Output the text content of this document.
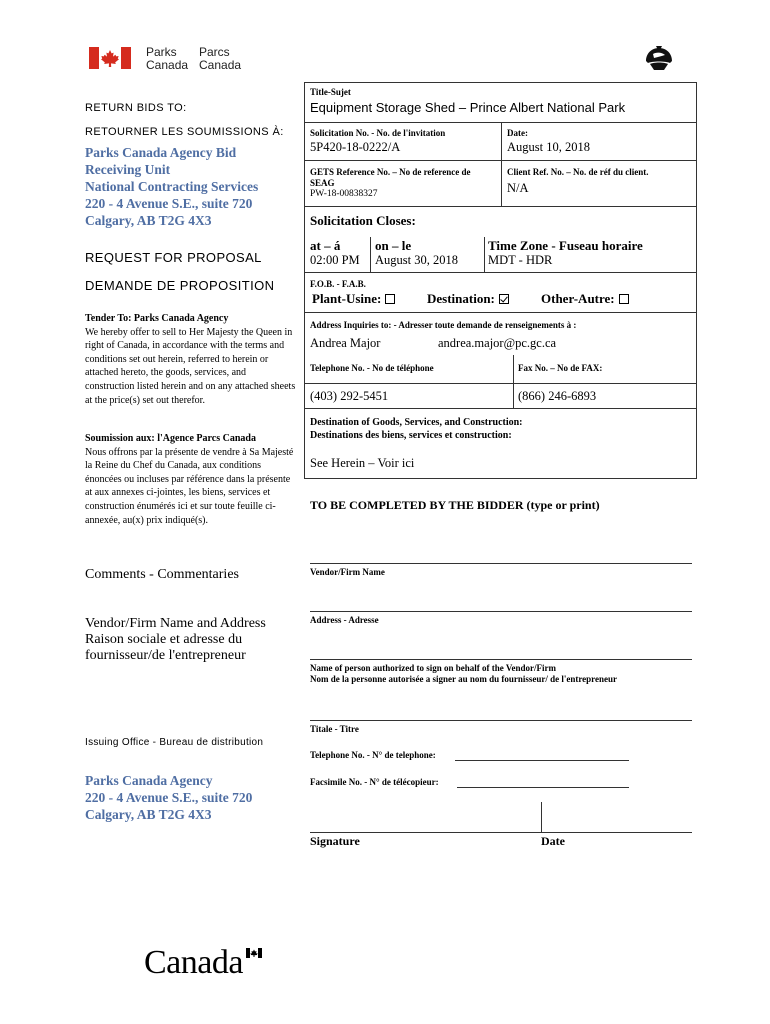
Parks
Canada
Parcs
Canada
RETURN BIDS TO:
RETOURNER LES SOUMISSIONS À:
Parks Canada Agency Bid
Receiving Unit
National Contracting Services
220 - 4 Avenue S.E., suite 720
Calgary, AB T2G 4X3
REQUEST FOR PROPOSAL
DEMANDE DE PROPOSITION
Tender To: Parks Canada Agency
We hereby offer to sell to Her Majesty the Queen in right of Canada, in accordance with the terms and conditions set out herein, referred to herein or attached hereto, the goods, services, and construction listed herein and on any attached sheets at the price(s) set out therefor.
Soumission aux: l'Agence Parcs Canada
Nous offrons par la présente de vendre à Sa Majesté la Reine du Chef du Canada, aux conditions énoncées ou incluses par référence dans la présente at aux annexes ci-jointes, les biens, services et construction énumérés ici et sur toute feuille ci-annexée, au(x) prix indiqué(s).
Comments - Commentaries
Vendor/Firm Name and Address
Raison sociale et adresse du
fournisseur/de l'entrepreneur
Issuing Office - Bureau de distribution
Parks Canada Agency
220 - 4 Avenue S.E., suite 720
Calgary, AB T2G 4X3
Title-Sujet
Equipment Storage Shed – Prince Albert National Park
Solicitation No. - No. de l'invitation
5P420-18-0222/A
Date:
August 10, 2018
GETS Reference No. – No de reference de SEAG
PW-18-00838327
Client Ref. No. – No. de réf du client.
N/A
Solicitation Closes:
at – á
02:00 PM
on – le
August 30, 2018
Time Zone - Fuseau horaire
MDT - HDR
F.O.B. - F.A.B.
Plant-Usine:	Destination:	Other-Autre:
Address Inquiries to: - Adresser toute demande de renseignements à :
Andrea Major	andrea.major@pc.gc.ca
Telephone No. - No de téléphone	Fax No. – No de FAX:
(403) 292-5451	(866) 246-6893
Destination of Goods, Services, and Construction:
Destinations des biens, services et construction:
See Herein – Voir ici
TO BE COMPLETED BY THE BIDDER (type or print)
Vendor/Firm Name
Address - Adresse
Name of person authorized to sign on behalf of the Vendor/Firm
Nom de la personne autorisée a signer au nom du fournisseur/ de l'entrepreneur
Titale - Titre
Telephone No. - N° de telephone:
Facsimile No. - N° de télécopieur:
Signature	Date
Canada
